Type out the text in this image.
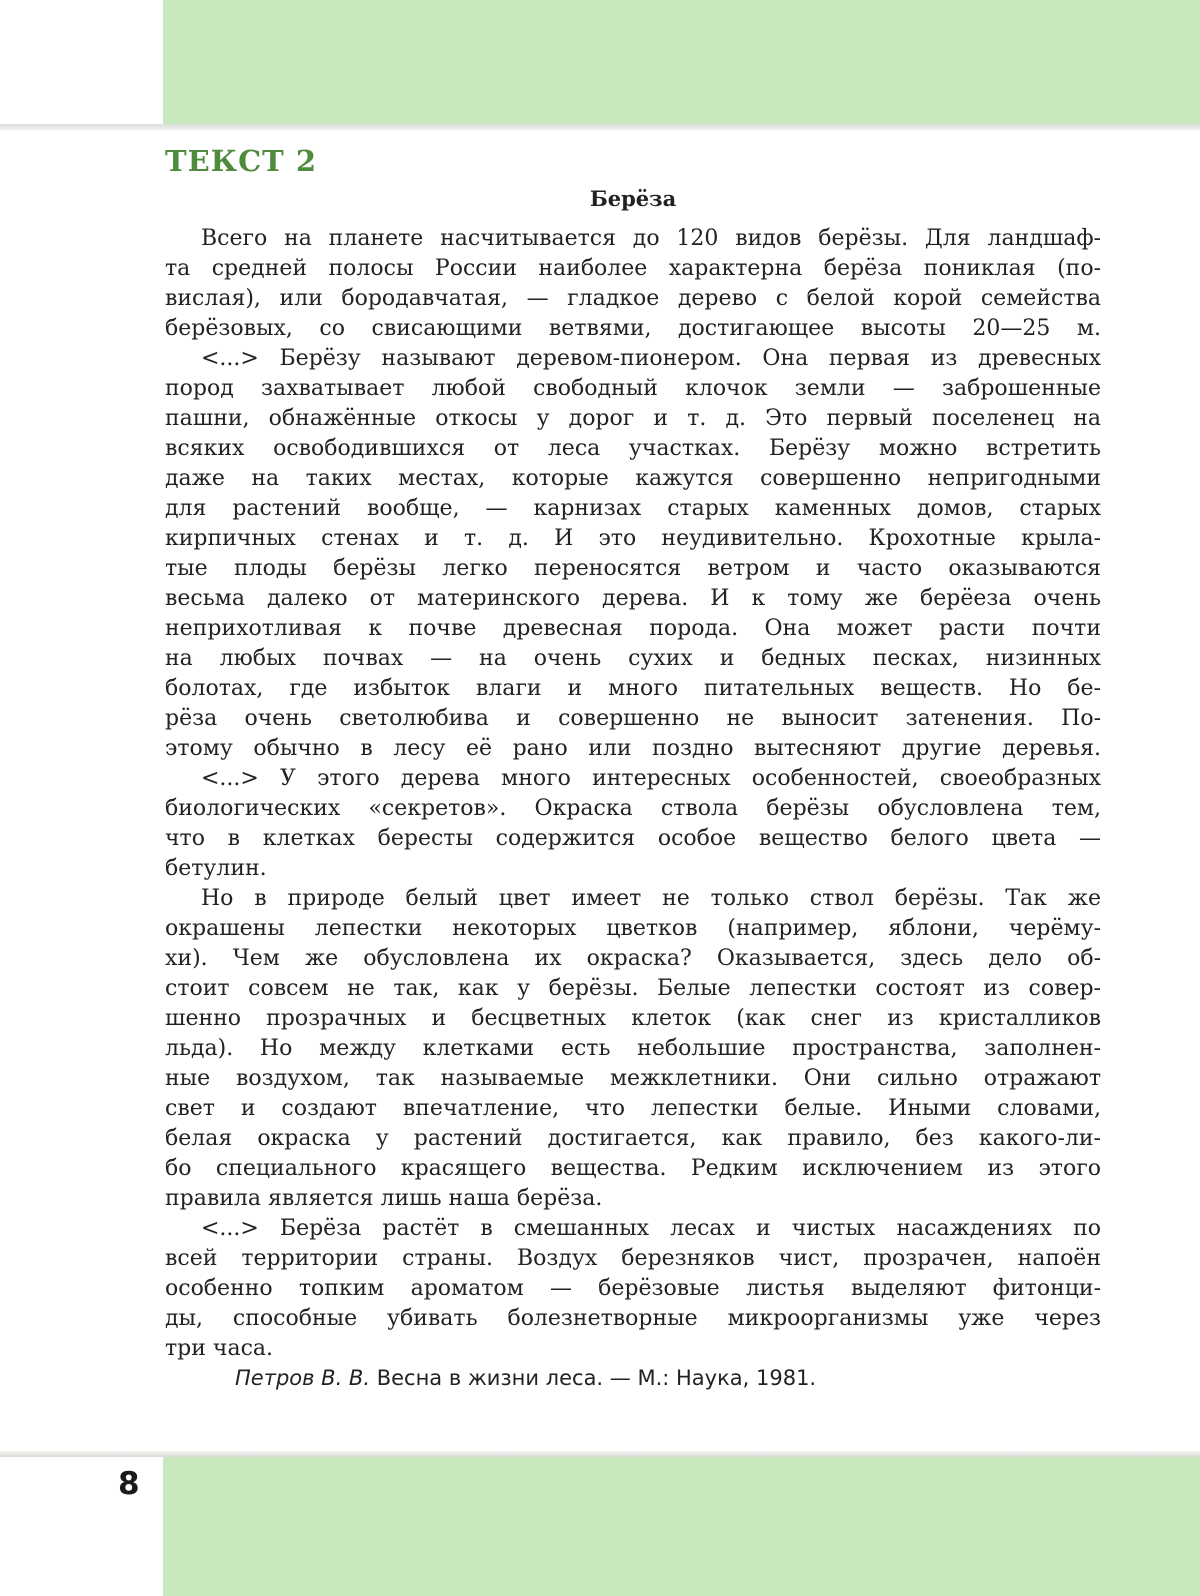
ТЕКСТ 2
Берёза
Всего на планете насчитывается до 120 видов берёзы. Для ландшаф-
та средней полосы России наиболее характерна берёза пониклая (по-
вислая), или бородавчатая, — гладкое дерево с белой корой семейства
берёзовых, со свисающими ветвями, достигающее высоты 20—25 м.
<...> Берёзу называют деревом-пионером. Она первая из древесных
пород захватывает любой свободный клочок земли — заброшенные
пашни, обнажённые откосы у дорог и т. д. Это первый поселенец на
всяких освободившихся от леса участках. Берёзу можно встретить
даже на таких местах, которые кажутся совершенно непригодными
для растений вообще, — карнизах старых каменных домов, старых
кирпичных стенах и т. д. И это неудивительно. Крохотные крыла-
тые плоды берёзы легко переносятся ветром и часто оказываются
весьма далеко от материнского дерева. И к тому же берёеза очень
неприхотливая к почве древесная порода. Она может расти почти
на любых почвах — на очень сухих и бедных песках, низинных
болотах, где избыток влаги и много питательных веществ. Но бе-
рёза очень светолюбива и совершенно не выносит затенения. По-
этому обычно в лесу её рано или поздно вытесняют другие деревья.
<...> У этого дерева много интересных особенностей, своеобразных
биологических «секретов». Окраска ствола берёзы обусловлена тем,
что в клетках бересты содержится особое вещество белого цвета —
бетулин.
Но в природе белый цвет имеет не только ствол берёзы. Так же
окрашены лепестки некоторых цветков (например, яблони, черёму-
хи). Чем же обусловлена их окраска? Оказывается, здесь дело об-
стоит совсем не так, как у берёзы. Белые лепестки состоят из совер-
шенно прозрачных и бесцветных клеток (как снег из кристалликов
льда). Но между клетками есть небольшие пространства, заполнен-
ные воздухом, так называемые межклетники. Они сильно отражают
свет и создают впечатление, что лепестки белые. Иными словами,
белая окраска у растений достигается, как правило, без какого-ли-
бо специального красящего вещества. Редким исключением из этого
правила является лишь наша берёза.
<...> Берёза растёт в смешанных лесах и чистых насаждениях по
всей территории страны. Воздух березняков чист, прозрачен, напоён
особенно топким ароматом — берёзовые листья выделяют фитонци-
ды, способные убивать болезнетворные микроорганизмы уже через
три часа.
Петров В. В. Весна в жизни леса. — М.: Наука, 1981.
8
